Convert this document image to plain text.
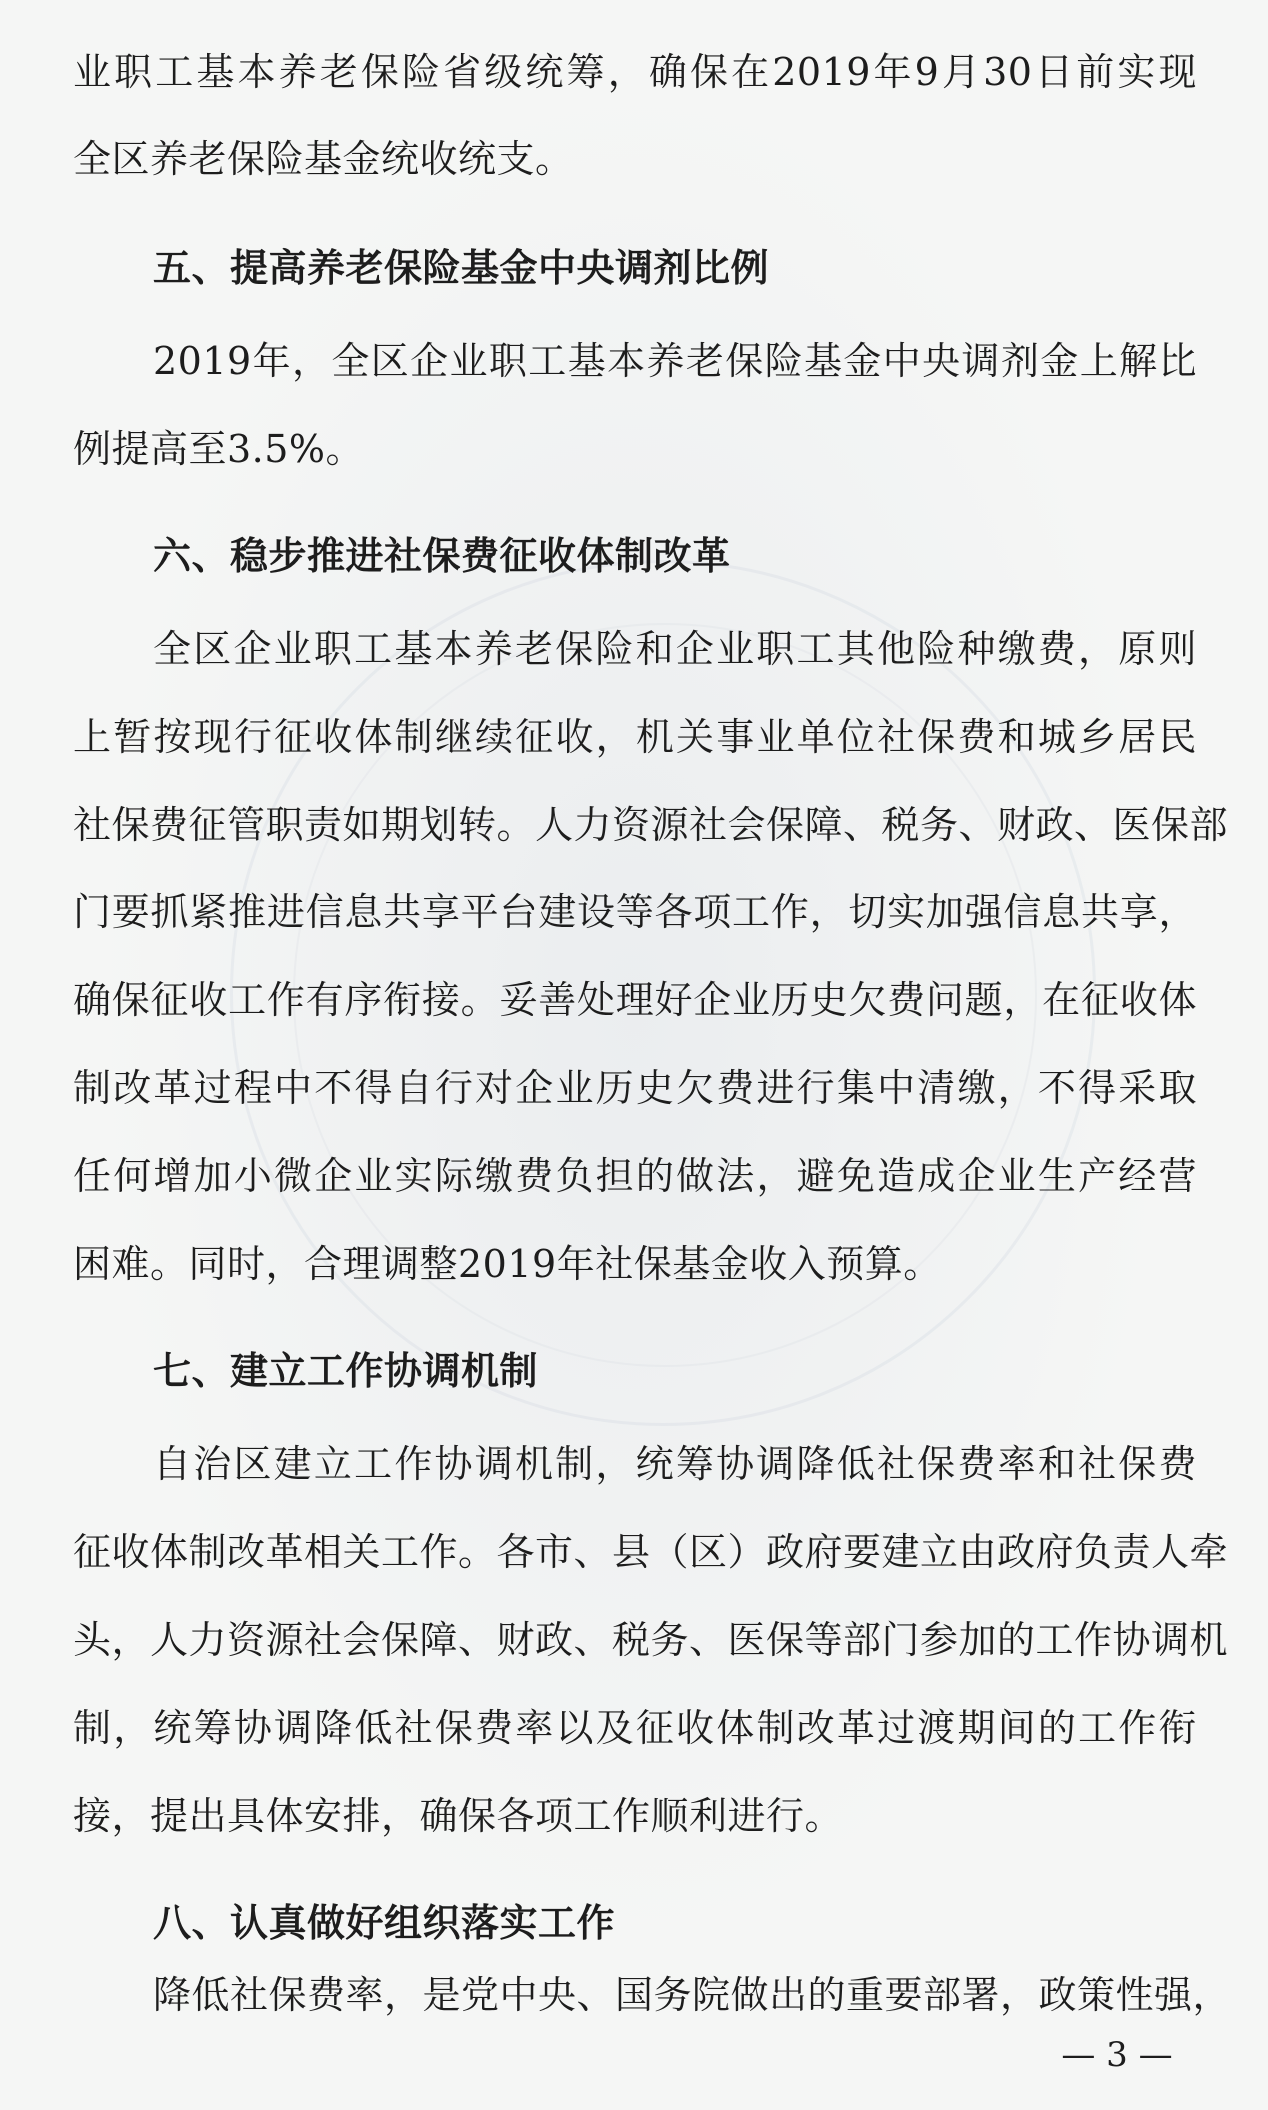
业职工基本养老保险省级统筹，确保在2019年9月30日前实现
全区养老保险基金统收统支。
五、提高养老保险基金中央调剂比例
2019年，全区企业职工基本养老保险基金中央调剂金上解比
例提高至3.5%。
六、稳步推进社保费征收体制改革
全区企业职工基本养老保险和企业职工其他险种缴费，原则
上暂按现行征收体制继续征收，机关事业单位社保费和城乡居民
社保费征管职责如期划转。人力资源社会保障、税务、财政、医保部
门要抓紧推进信息共享平台建设等各项工作，切实加强信息共享，
确保征收工作有序衔接。妥善处理好企业历史欠费问题，在征收体
制改革过程中不得自行对企业历史欠费进行集中清缴，不得采取
任何增加小微企业实际缴费负担的做法，避免造成企业生产经营
困难。同时，合理调整2019年社保基金收入预算。
七、建立工作协调机制
自治区建立工作协调机制，统筹协调降低社保费率和社保费
征收体制改革相关工作。各市、县（区）政府要建立由政府负责人牵
头，人力资源社会保障、财政、税务、医保等部门参加的工作协调机
制，统筹协调降低社保费率以及征收体制改革过渡期间的工作衔
接，提出具体安排，确保各项工作顺利进行。
八、认真做好组织落实工作
降低社保费率，是党中央、国务院做出的重要部署，政策性强，
— 3 —
